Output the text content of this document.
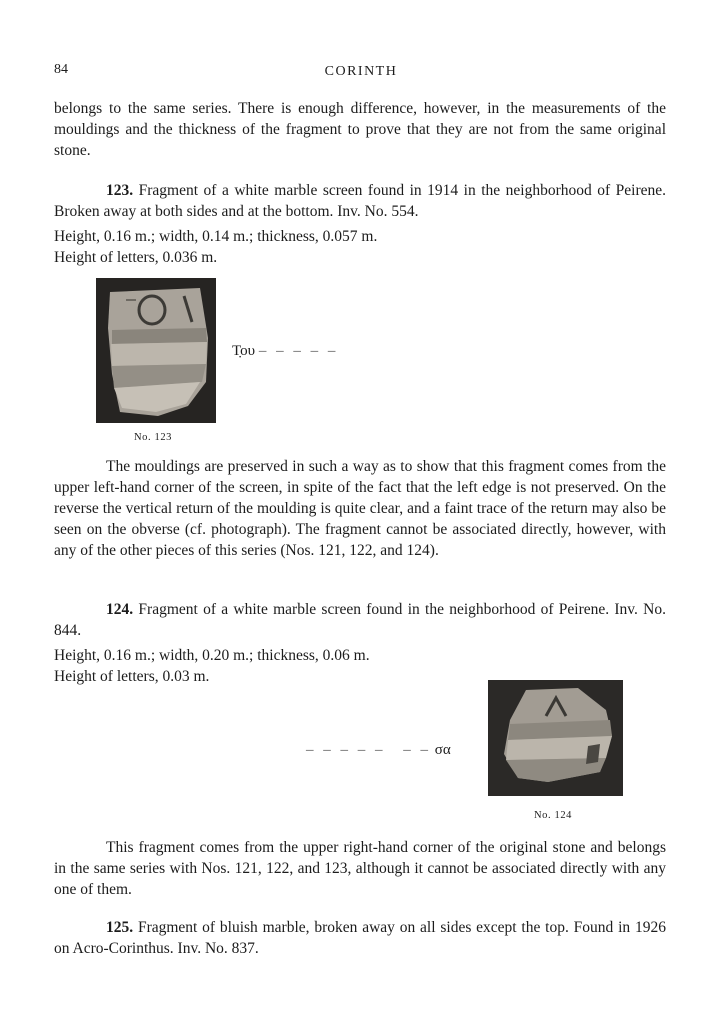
84	CORINTH

belongs to the same series. There is enough difference, however, in the measurements of the mouldings and the thickness of the fragment to prove that they are not from the same original stone.

123. Fragment of a white marble screen found in 1914 in the neighborhood of Peirene. Broken away at both sides and at the bottom. Inv. No. 554.

Height, 0.16 m.; width, 0.14 m.; thickness, 0.057 m.
Height of letters, 0.036 m.
No. 123
Τ̣ου – – – – –

The mouldings are preserved in such a way as to show that this fragment comes from the upper left-hand corner of the screen, in spite of the fact that the left edge is not preserved. On the reverse the vertical return of the moulding is quite clear, and a faint trace of the return may also be seen on the obverse (cf. photograph). The fragment cannot be associated directly, however, with any of the other pieces of this series (Nos. 121, 122, and 124).

124. Fragment of a white marble screen found in the neighborhood of Peirene. Inv. No. 844.

Height, 0.16 m.; width, 0.20 m.; thickness, 0.06 m.
Height of letters, 0.03 m.
No. 124
– – – – – – – σα

This fragment comes from the upper right-hand corner of the original stone and belongs in the same series with Nos. 121, 122, and 123, although it cannot be associated directly with any one of them.

125. Fragment of bluish marble, broken away on all sides except the top. Found in 1926 on Acro-Corinthus. Inv. No. 837.
